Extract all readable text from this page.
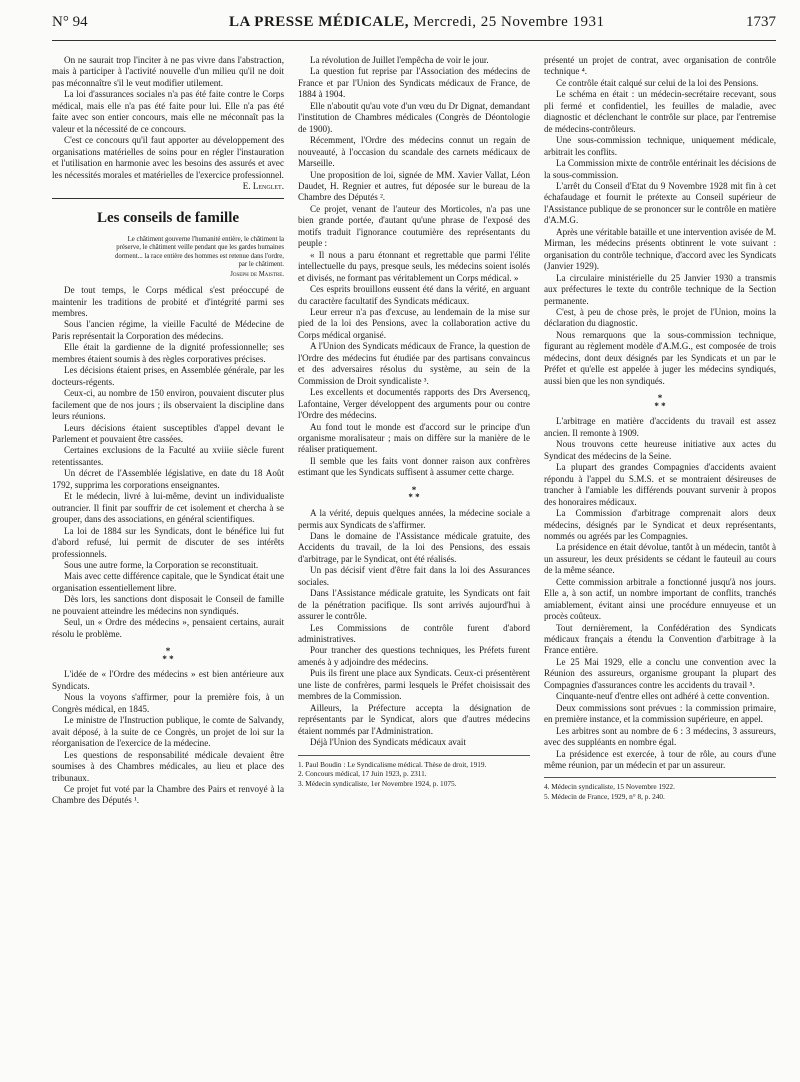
N° 94	LA PRESSE MÉDICALE, Mercredi, 25 Novembre 1931	1737

On ne saurait trop l'inciter à ne pas vivre dans l'abstraction, mais à participer à l'activité nouvelle d'un milieu qu'il ne doit pas méconnaître s'il le veut modifier utilement.

La loi d'assurances sociales n'a pas été faite contre le Corps médical, mais elle n'a pas été faite pour lui. Elle n'a pas été faite avec son entier concours, mais elle ne méconnaît pas la valeur et la nécessité de ce concours.

C'est ce concours qu'il faut apporter au développement des organisations matérielles de soins pour en régler l'instauration et l'utilisation en harmonie avec les besoins des assurés et avec les nécessités morales et matérielles de l'exercice professionnel.

E. Lenglet.
Les conseils de famille
Le châtiment gouverne l'humanité entière, le châtiment la préserve, le châtiment veille pendant que les gardes humaines dorment... la race entière des hommes est retenue dans l'ordre, par le châtiment.
Joseph de Maistre.

De tout temps, le Corps médical s'est préoccupé de maintenir les traditions de probité et d'intégrité parmi ses membres.

Sous l'ancien régime, la vieille Faculté de Médecine de Paris représentait la Corporation des médecins.

Elle était la gardienne de la dignité professionnelle; ses membres étaient soumis à des règles corporatives précises.

Les décisions étaient prises, en Assemblée générale, par les docteurs-régents.

Ceux-ci, au nombre de 150 environ, pouvaient discuter plus facilement que de nos jours ; ils observaient la discipline dans leurs réunions.

Leurs décisions étaient susceptibles d'appel devant le Parlement et pouvaient être cassées.

Certaines exclusions de la Faculté au xviiie siècle furent retentissantes.

Un décret de l'Assemblée législative, en date du 18 Août 1792, supprima les corporations enseignantes.

Et le médecin, livré à lui-même, devint un individualiste outrancier. Il finit par souffrir de cet isolement et chercha à se grouper, dans des associations, en général scientifiques.

La loi de 1884 sur les Syndicats, dont le bénéfice lui fut d'abord refusé, lui permit de discuter de ses intérêts professionnels.

Sous une autre forme, la Corporation se reconstituait.

Mais avec cette différence capitale, que le Syndicat était une organisation essentiellement libre.

Dès lors, les sanctions dont disposait le Conseil de famille ne pouvaient atteindre les médecins non syndiqués.

Seul, un « Ordre des médecins », pensaient certains, aurait résolu le problème.

*
* *

L'idée de « l'Ordre des médecins » est bien antérieure aux Syndicats.

Nous la voyons s'affirmer, pour la première fois, à un Congrès médical, en 1845.

Le ministre de l'Instruction publique, le comte de Salvandy, avait déposé, à la suite de ce Congrès, un projet de loi sur la réorganisation de l'exercice de la médecine.

Les questions de responsabilité médicale devaient être soumises à des Chambres médicales, au lieu et place des tribunaux.

Ce projet fut voté par la Chambre des Pairs et renvoyé à la Chambre des Députés ¹.

La révolution de Juillet l'empêcha de voir le jour.

La question fut reprise par l'Association des médecins de France et par l'Union des Syndicats médicaux de France, de 1884 à 1904.

Elle n'aboutit qu'au vote d'un vœu du Dr Dignat, demandant l'institution de Chambres médicales (Congrès de Déontologie de 1900).

Récemment, l'Ordre des médecins connut un regain de nouveauté, à l'occasion du scandale des carnets médicaux de Marseille.

Une proposition de loi, signée de MM. Xavier Vallat, Léon Daudet, H. Regnier et autres, fut déposée sur le bureau de la Chambre des Députés ².

Ce projet, venant de l'auteur des Morticoles, n'a pas une bien grande portée, d'autant qu'une phrase de l'exposé des motifs traduit l'ignorance coutumière des représentants du peuple :

« Il nous a paru étonnant et regrettable que parmi l'élite intellectuelle du pays, presque seuls, les médecins soient isolés et divisés, ne formant pas véritablement un Corps médical. »

Ces esprits brouillons eussent été dans la vérité, en arguant du caractère facultatif des Syndicats médicaux.

Leur erreur n'a pas d'excuse, au lendemain de la mise sur pied de la loi des Pensions, avec la collaboration active du Corps médical organisé.

A l'Union des Syndicats médicaux de France, la question de l'Ordre des médecins fut étudiée par des partisans convaincus et des adversaires résolus du système, au sein de la Commission de Droit syndicaliste ³.

Les excellents et documentés rapports des Drs Aversencq, Lafontaine, Verger développent des arguments pour ou contre l'Ordre des médecins.

Au fond tout le monde est d'accord sur le principe d'un organisme moralisateur ; mais on diffère sur la manière de le réaliser pratiquement.

Il semble que les faits vont donner raison aux confrères estimant que les Syndicats suffisent à assumer cette charge.

*
* *

A la vérité, depuis quelques années, la médecine sociale a permis aux Syndicats de s'affirmer.

Dans le domaine de l'Assistance médicale gratuite, des Accidents du travail, de la loi des Pensions, des essais d'arbitrage, par le Syndicat, ont été réalisés.

Un pas décisif vient d'être fait dans la loi des Assurances sociales.

Dans l'Assistance médicale gratuite, les Syndicats ont fait de la pénétration pacifique. Ils sont arrivés aujourd'hui à assurer le contrôle.

Les Commissions de contrôle furent d'abord administratives.

Pour trancher des questions techniques, les Préfets furent amenés à y adjoindre des médecins.

Puis ils firent une place aux Syndicats. Ceux-ci présentèrent une liste de confrères, parmi lesquels le Préfet choisissait des membres de la Commission.

Ailleurs, la Préfecture accepta la désignation de représentants par le Syndicat, alors que d'autres médecins étaient nommés par l'Administration.

Déjà l'Union des Syndicats médicaux avait

1. Paul Boudin : Le Syndicalisme médical. Thèse de droit, 1919.
2. Concours médical, 17 Juin 1923, p. 2311.
3. Médecin syndicaliste, 1er Novembre 1924, p. 1075.

présenté un projet de contrat, avec organisation de contrôle technique ⁴.

Ce contrôle était calqué sur celui de la loi des Pensions.

Le schéma en était : un médecin-secrétaire recevant, sous pli fermé et confidentiel, les feuilles de maladie, avec diagnostic et déclenchant le contrôle sur place, par l'entremise de médecins-contrôleurs.

Une sous-commission technique, uniquement médicale, arbitrait les conflits.

La Commission mixte de contrôle entérinait les décisions de la sous-commission.

L'arrêt du Conseil d'Etat du 9 Novembre 1928 mit fin à cet échafaudage et fournit le prétexte au Conseil supérieur de l'Assistance publique de se prononcer sur le contrôle en matière d'A.M.G.

Après une véritable bataille et une intervention avisée de M. Mirman, les médecins présents obtinrent le vote suivant : organisation du contrôle technique, d'accord avec les Syndicats (Janvier 1929).

La circulaire ministérielle du 25 Janvier 1930 a transmis aux préfectures le texte du contrôle technique de la Section permanente.

C'est, à peu de chose près, le projet de l'Union, moins la déclaration du diagnostic.

Nous remarquons que la sous-commission technique, figurant au règlement modèle d'A.M.G., est composée de trois médecins, dont deux désignés par les Syndicats et un par le Préfet et qu'elle est appelée à juger les médecins syndiqués, aussi bien que les non syndiqués.

*
* *

L'arbitrage en matière d'accidents du travail est assez ancien. Il remonte à 1909.

Nous trouvons cette heureuse initiative aux actes du Syndicat des médecins de la Seine.

La plupart des grandes Compagnies d'accidents avaient répondu à l'appel du S.M.S. et se montraient désireuses de trancher à l'amiable les différends pouvant survenir à propos des honoraires médicaux.

La Commission d'arbitrage comprenait alors deux médecins, désignés par le Syndicat et deux représentants, nommés ou agréés par les Compagnies.

La présidence en était dévolue, tantôt à un médecin, tantôt à un assureur, les deux présidents se cédant le fauteuil au cours de la même séance.

Cette commission arbitrale a fonctionné jusqu'à nos jours. Elle a, à son actif, un nombre important de conflits, tranchés amiablement, évitant ainsi une procédure ennuyeuse et un procès coûteux.

Tout dernièrement, la Confédération des Syndicats médicaux français a étendu la Convention d'arbitrage à la France entière.

Le 25 Mai 1929, elle a conclu une convention avec la Réunion des assureurs, organisme groupant la plupart des Compagnies d'assurances contre les accidents du travail ⁵.

Cinquante-neuf d'entre elles ont adhéré à cette convention.

Deux commissions sont prévues : la commission primaire, en première instance, et la commission supérieure, en appel.

Les arbitres sont au nombre de 6 : 3 médecins, 3 assureurs, avec des suppléants en nombre égal.

La présidence est exercée, à tour de rôle, au cours d'une même réunion, par un médecin et par un assureur.

4. Médecin syndicaliste, 15 Novembre 1922.
5. Médecin de France, 1929, n° 8, p. 240.
